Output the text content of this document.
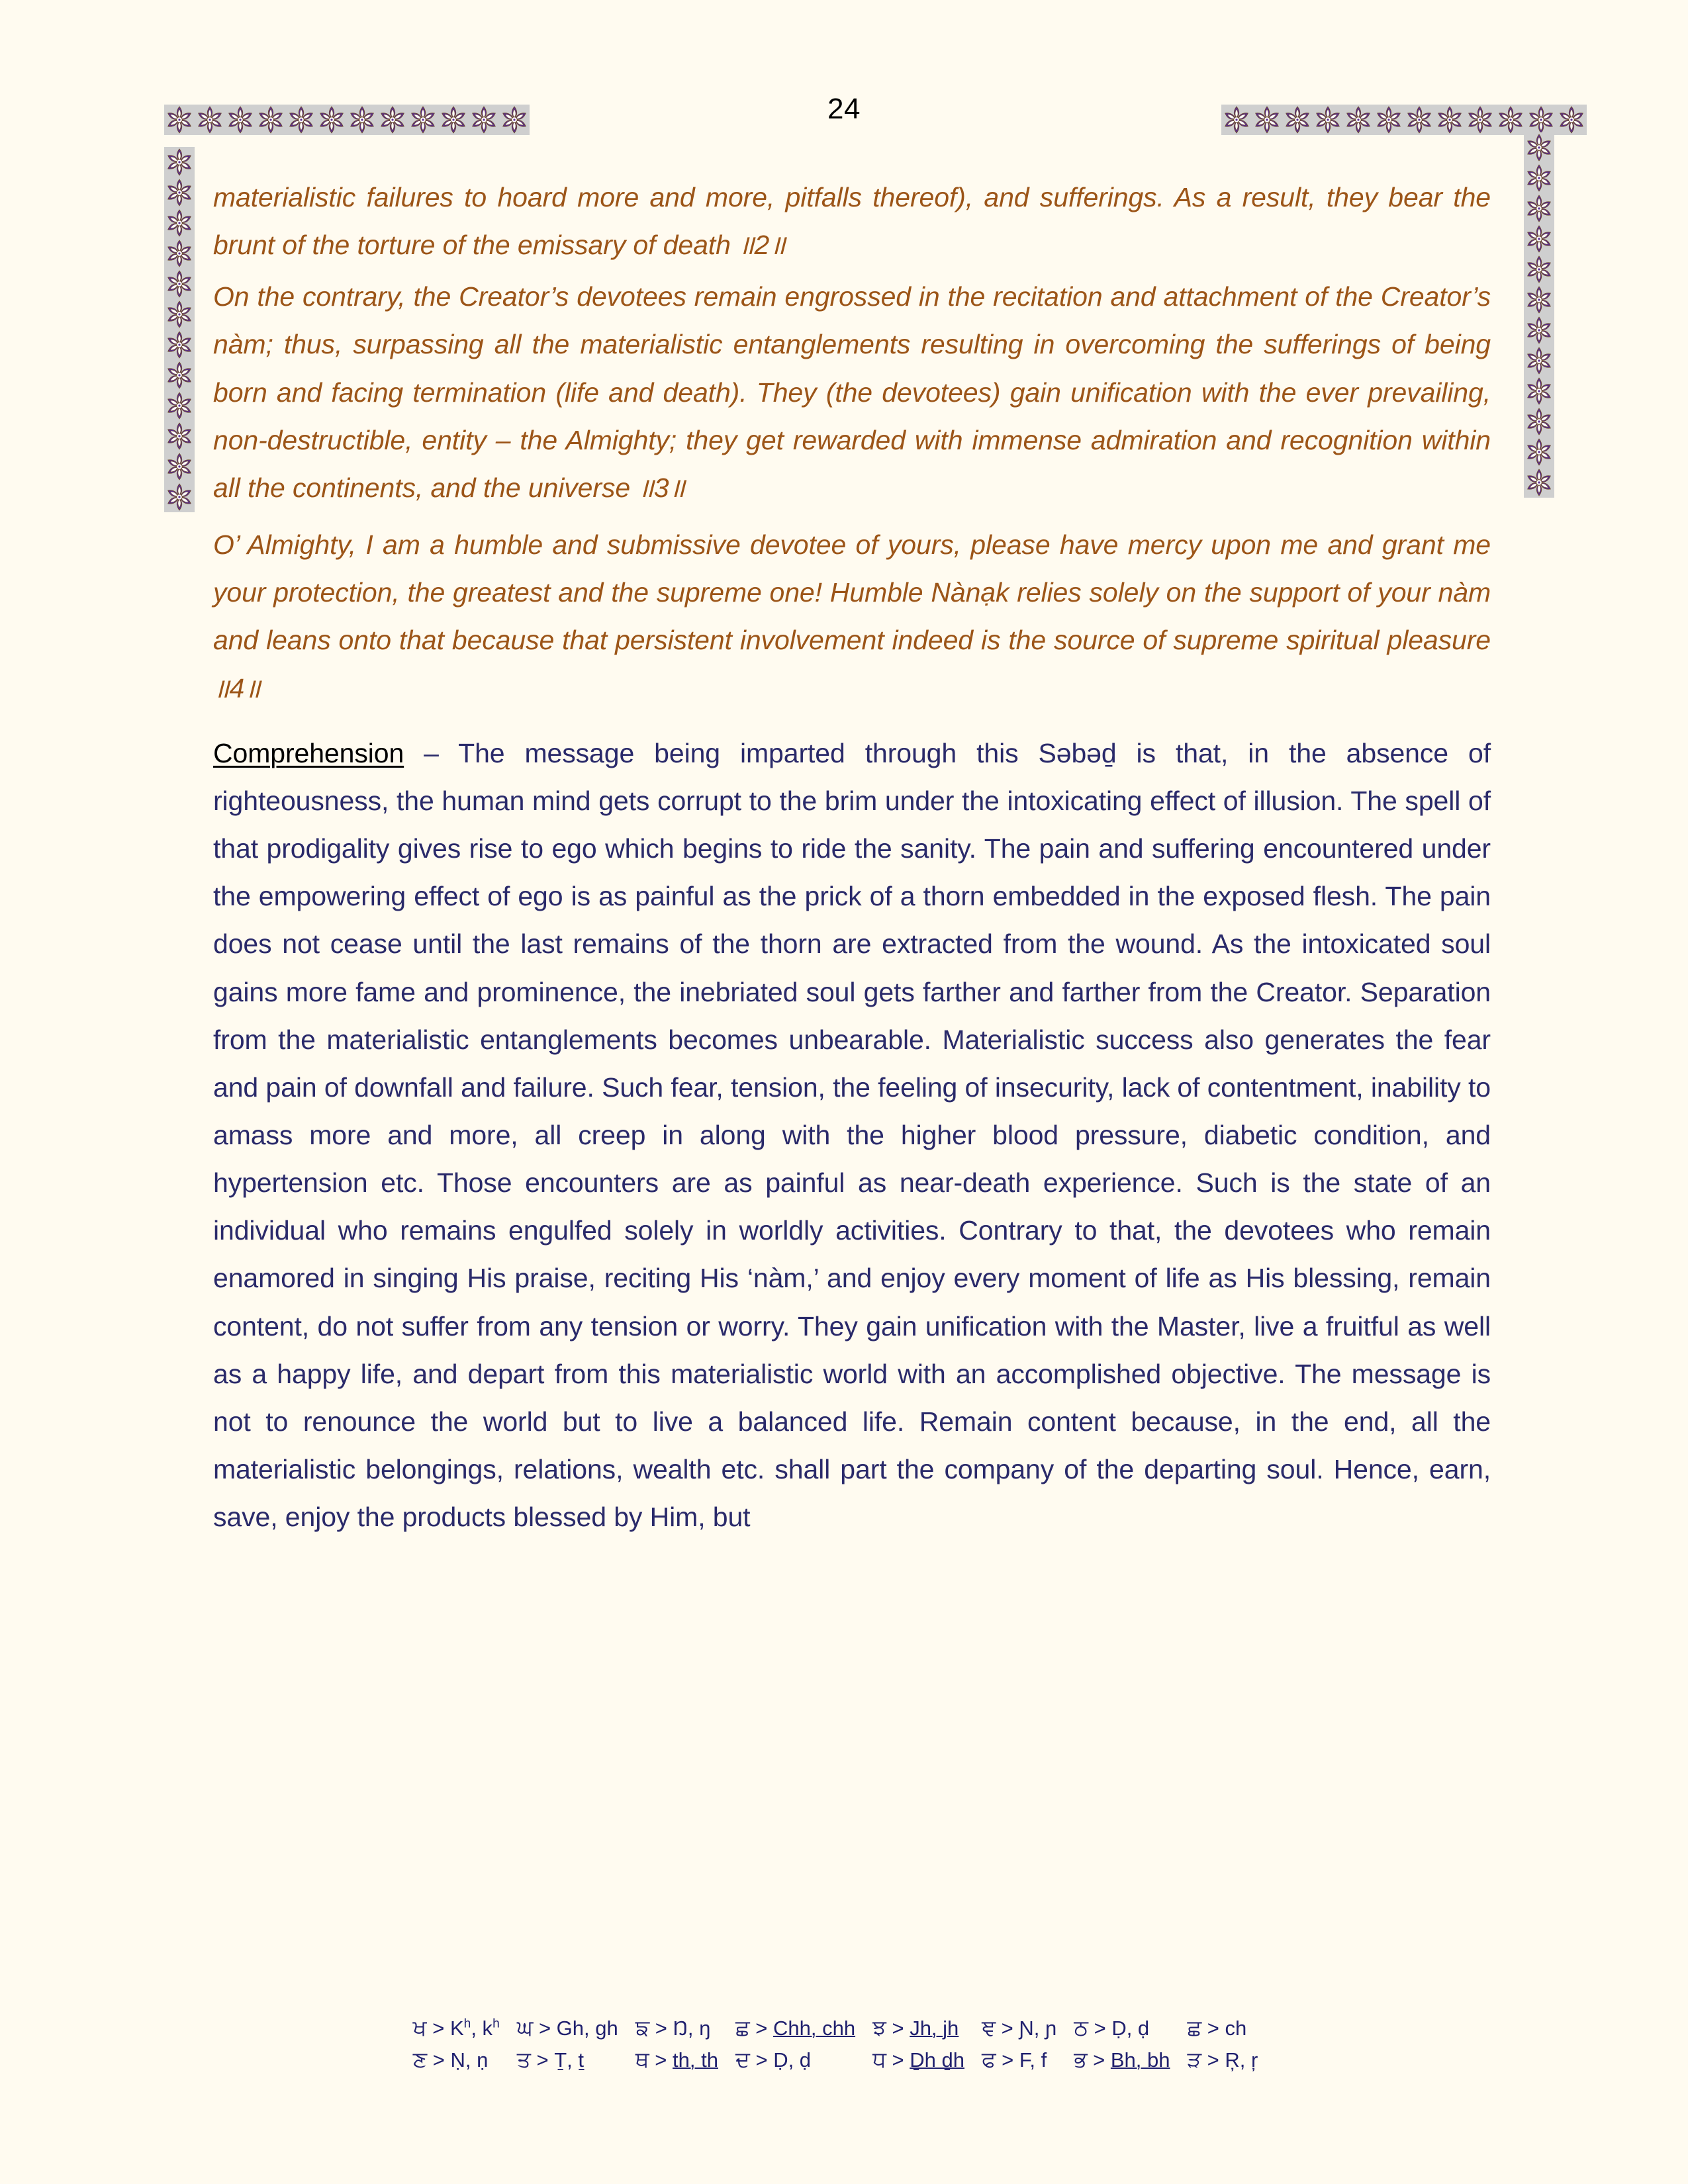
24

materialistic failures to hoard more and more, pitfalls thereof), and sufferings. As a result, they bear the brunt of the torture of the emissary of death ॥2॥

On the contrary, the Creator’s devotees remain engrossed in the recitation and attachment of the Creator’s nàm; thus, surpassing all the materialistic entanglements resulting in overcoming the sufferings of being born and facing termination (life and death). They (the devotees) gain unification with the ever prevailing, non-destructible, entity – the Almighty; they get rewarded with immense admiration and recognition within all the continents, and the universe ॥3॥

O’ Almighty, I am a humble and submissive devotee of yours, please have mercy upon me and grant me your protection, the greatest and the supreme one! Humble Nànạk relies solely on the support of your nàm and leans onto that because that persistent involvement indeed is the source of supreme spiritual pleasure ॥4॥

Comprehension – The message being imparted through this Səbəḏ is that, in the absence of righteousness, the human mind gets corrupt to the brim under the intoxicating effect of illusion. The spell of that prodigality gives rise to ego which begins to ride the sanity. The pain and suffering encountered under the empowering effect of ego is as painful as the prick of a thorn embedded in the exposed flesh. The pain does not cease until the last remains of the thorn are extracted from the wound. As the intoxicated soul gains more fame and prominence, the inebriated soul gets farther and farther from the Creator. Separation from the materialistic entanglements becomes unbearable. Materialistic success also generates the fear and pain of downfall and failure. Such fear, tension, the feeling of insecurity, lack of contentment, inability to amass more and more, all creep in along with the higher blood pressure, diabetic condition, and hypertension etc. Those encounters are as painful as near-death experience. Such is the state of an individual who remains engulfed solely in worldly activities. Contrary to that, the devotees who remain enamored in singing His praise, reciting His ‘nàm,’ and enjoy every moment of life as His blessing, remain content, do not suffer from any tension or worry. They gain unification with the Master, live a fruitful as well as a happy life, and depart from this materialistic world with an accomplished objective. The message is not to renounce the world but to live a balanced life. Remain content because, in the end, all the materialistic belongings, relations, wealth etc. shall part the company of the departing soul. Hence, earn, save, enjoy the products blessed by Him, but

ਖ > $K^h$, $k^h$	ਘ > Gh, gh	ਙ > Ŋ, ŋ	ਛ > Chh, chh	ਝ > Jh, jh	ਞ > Ɲ, ɲ	ਠ > Ḍ, ḍ	ਛ > ch
ਣ > Ṇ, ṇ	ਤ > Ṯ, ṯ	ਥ > th, th	ਦ > Ḍ, ḍ	ਧ > Ḏh ḏh	ਫ > F, f	ਭ > Bh, bh	ੜ > Ŗ, ŗ
